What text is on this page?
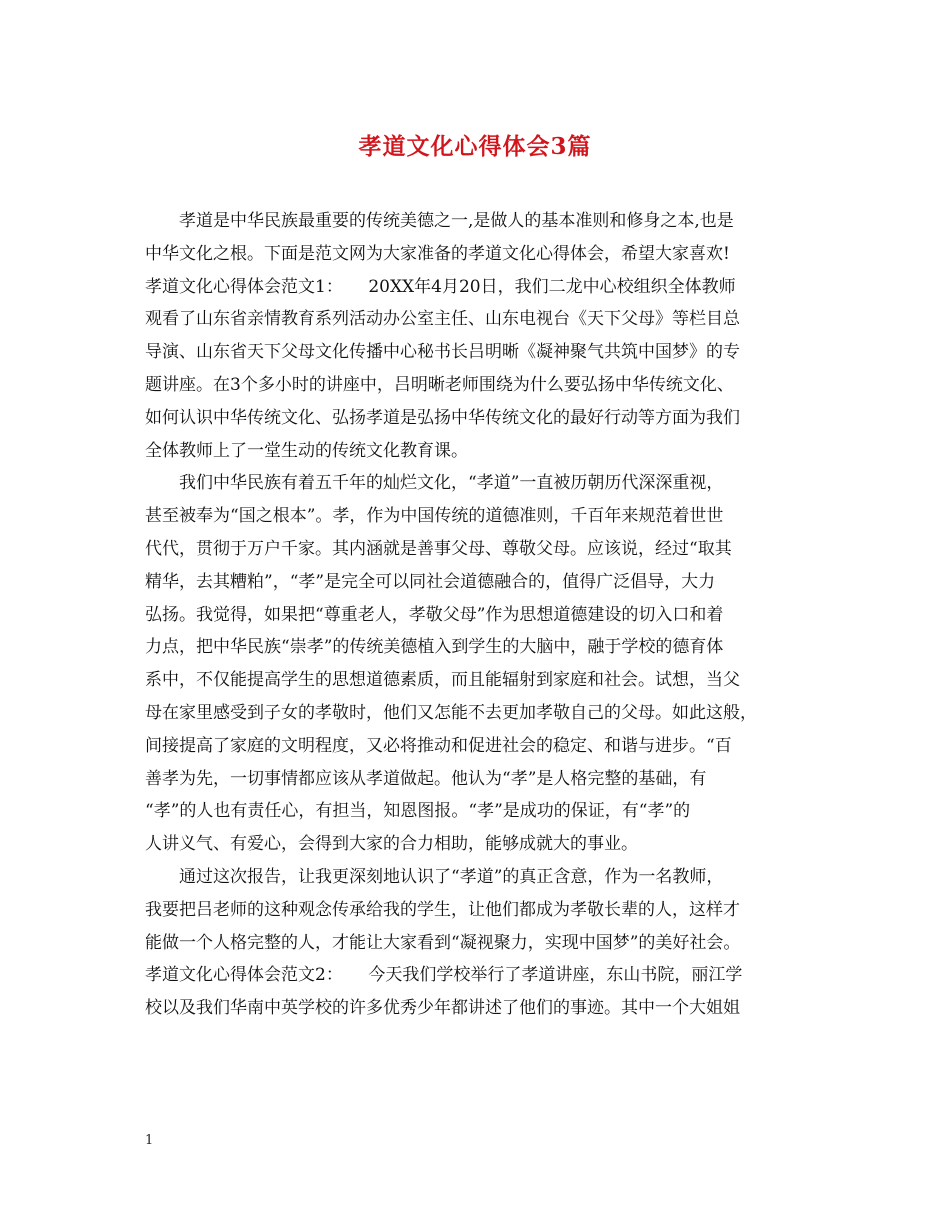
孝道文化心得体会3篇
孝道是中华民族最重要的传统美德之一,是做人的基本准则和修身之本,也是
中华文化之根。下面是范文网为大家准备的孝道文化心得体会，希望大家喜欢!
孝道文化心得体会范文1：　　20XX年4月20日，我们二龙中心校组织全体教师
观看了山东省亲情教育系列活动办公室主任、山东电视台《天下父母》等栏目总
导演、山东省天下父母文化传播中心秘书长吕明晰《凝神聚气共筑中国梦》的专
题讲座。在3个多小时的讲座中，吕明晰老师围绕为什么要弘扬中华传统文化、
如何认识中华传统文化、弘扬孝道是弘扬中华传统文化的最好行动等方面为我们
全体教师上了一堂生动的传统文化教育课。
我们中华民族有着五千年的灿烂文化，“孝道”一直被历朝历代深深重视，
甚至被奉为“国之根本”。孝，作为中国传统的道德准则，千百年来规范着世世
代代，贯彻于万户千家。其内涵就是善事父母、尊敬父母。应该说，经过“取其
精华，去其糟粕”，“孝”是完全可以同社会道德融合的，值得广泛倡导，大力
弘扬。我觉得，如果把“尊重老人，孝敬父母”作为思想道德建设的切入口和着
力点，把中华民族“崇孝”的传统美德植入到学生的大脑中，融于学校的德育体
系中，不仅能提高学生的思想道德素质，而且能辐射到家庭和社会。试想，当父
母在家里感受到子女的孝敬时，他们又怎能不去更加孝敬自己的父母。如此这般，
间接提高了家庭的文明程度，又必将推动和促进社会的稳定、和谐与进步。“百
善孝为先，一切事情都应该从孝道做起。他认为“孝”是人格完整的基础，有
“孝”的人也有责任心，有担当，知恩图报。“孝”是成功的保证，有“孝”的
人讲义气、有爱心，会得到大家的合力相助，能够成就大的事业。
通过这次报告，让我更深刻地认识了“孝道”的真正含意，作为一名教师，
我要把吕老师的这种观念传承给我的学生，让他们都成为孝敬长辈的人，这样才
能做一个人格完整的人，才能让大家看到“凝视聚力，实现中国梦”的美好社会。
孝道文化心得体会范文2：　　今天我们学校举行了孝道讲座，东山书院，丽江学
校以及我们华南中英学校的许多优秀少年都讲述了他们的事迹。其中一个大姐姐
1
